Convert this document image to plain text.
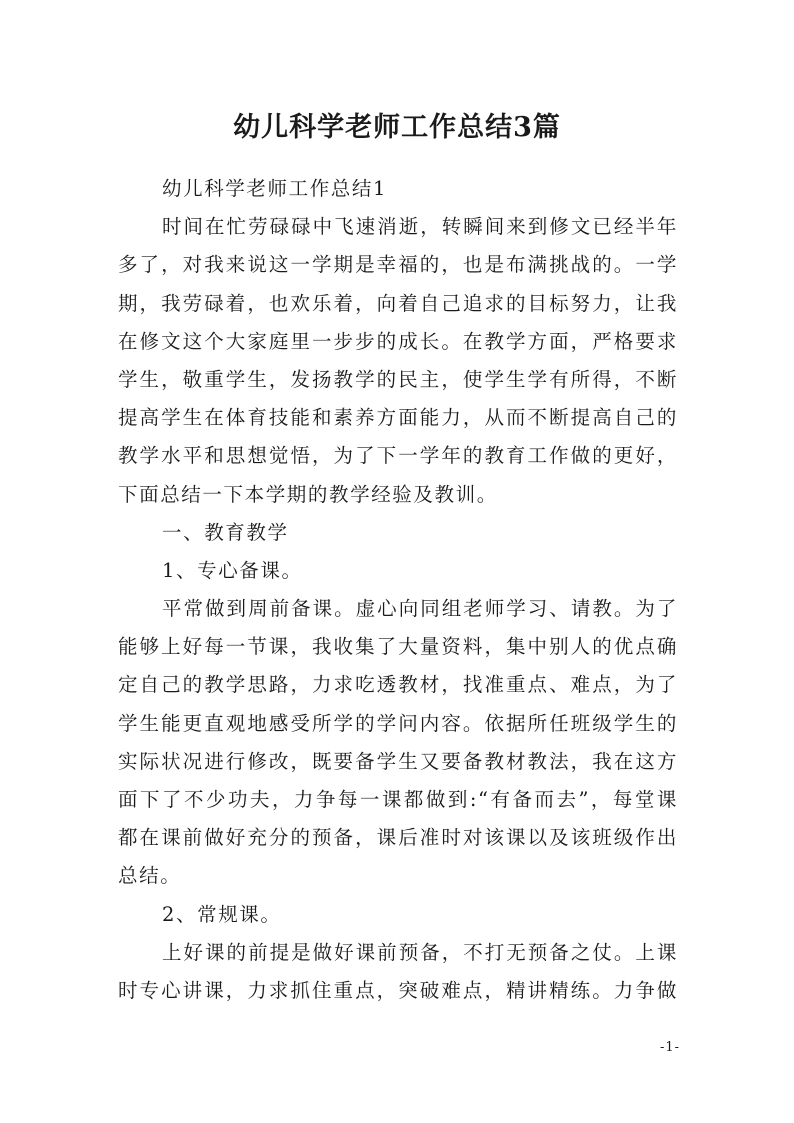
幼儿科学老师工作总结3篇
幼儿科学老师工作总结1
时间在忙劳碌碌中飞速消逝，转瞬间来到修文已经半年
多了，对我来说这一学期是幸福的，也是布满挑战的。一学
期，我劳碌着，也欢乐着，向着自己追求的目标努力，让我
在修文这个大家庭里一步步的成长。在教学方面，严格要求
学生，敬重学生，发扬教学的民主，使学生学有所得，不断
提高学生在体育技能和素养方面能力，从而不断提高自己的
教学水平和思想觉悟，为了下一学年的教育工作做的更好，
下面总结一下本学期的教学经验及教训。
一、教育教学
1、专心备课。
平常做到周前备课。虚心向同组老师学习、请教。为了
能够上好每一节课，我收集了大量资料，集中别人的优点确
定自己的教学思路，力求吃透教材，找准重点、难点，为了
学生能更直观地感受所学的学问内容。依据所任班级学生的
实际状况进行修改，既要备学生又要备教材教法，我在这方
面下了不少功夫，力争每一课都做到:“有备而去”，每堂课
都在课前做好充分的预备，课后准时对该课以及该班级作出
总结。
2、常规课。
上好课的前提是做好课前预备，不打无预备之仗。上课
时专心讲课，力求抓住重点，突破难点，精讲精练。力争做
-1-
